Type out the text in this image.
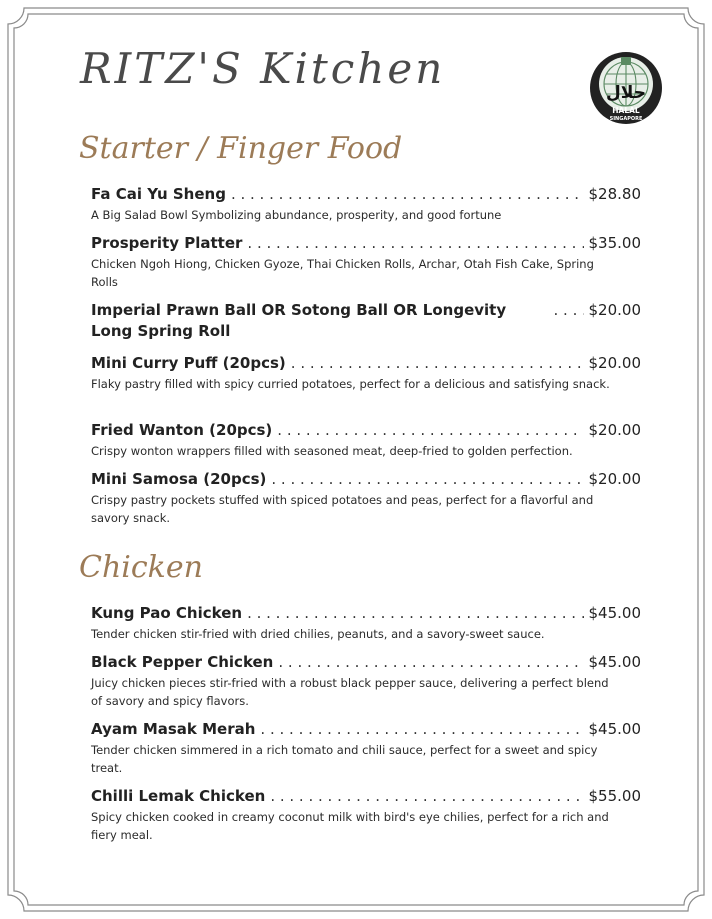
RITZ'S Kitchen	حلال
HALAL
SINGAPORE
Starter / Finger Food
Fa Cai Yu Sheng . . .	$28.80
A Big Salad Bowl Symbolizing abundance, prosperity, and good fortune
Prosperity Platter . . .	$35.00
Chicken Ngoh Hiong, Chicken Gyoze, Thai Chicken Rolls, Archar, Otah Fish Cake, Spring Rolls
Imperial Prawn Ball OR Sotong Ball OR Longevity Long Spring Roll
. . .
$20.00
Mini Curry Puff (20pcs) . . .	$20.00
Flaky pastry filled with spicy curried potatoes, perfect for a delicious and satisfying snack.
Fried Wanton (20pcs) . . .	$20.00
Crispy wonton wrappers filled with seasoned meat, deep-fried to golden perfection.
Mini Samosa (20pcs) . . .	$20.00
Crispy pastry pockets stuffed with spiced potatoes and peas, perfect for a flavorful and savory snack.
Chicken
Kung Pao Chicken . . .	$45.00
Tender chicken stir-fried with dried chilies, peanuts, and a savory-sweet sauce.
Black Pepper Chicken . . .	$45.00
Juicy chicken pieces stir-fried with a robust black pepper sauce, delivering a perfect blend of savory and spicy flavors.
Ayam Masak Merah . . .	$45.00
Tender chicken simmered in a rich tomato and chili sauce, perfect for a sweet and spicy treat.
Chilli Lemak Chicken . . .	$55.00
Spicy chicken cooked in creamy coconut milk with bird's eye chilies, perfect for a rich and fiery meal.
